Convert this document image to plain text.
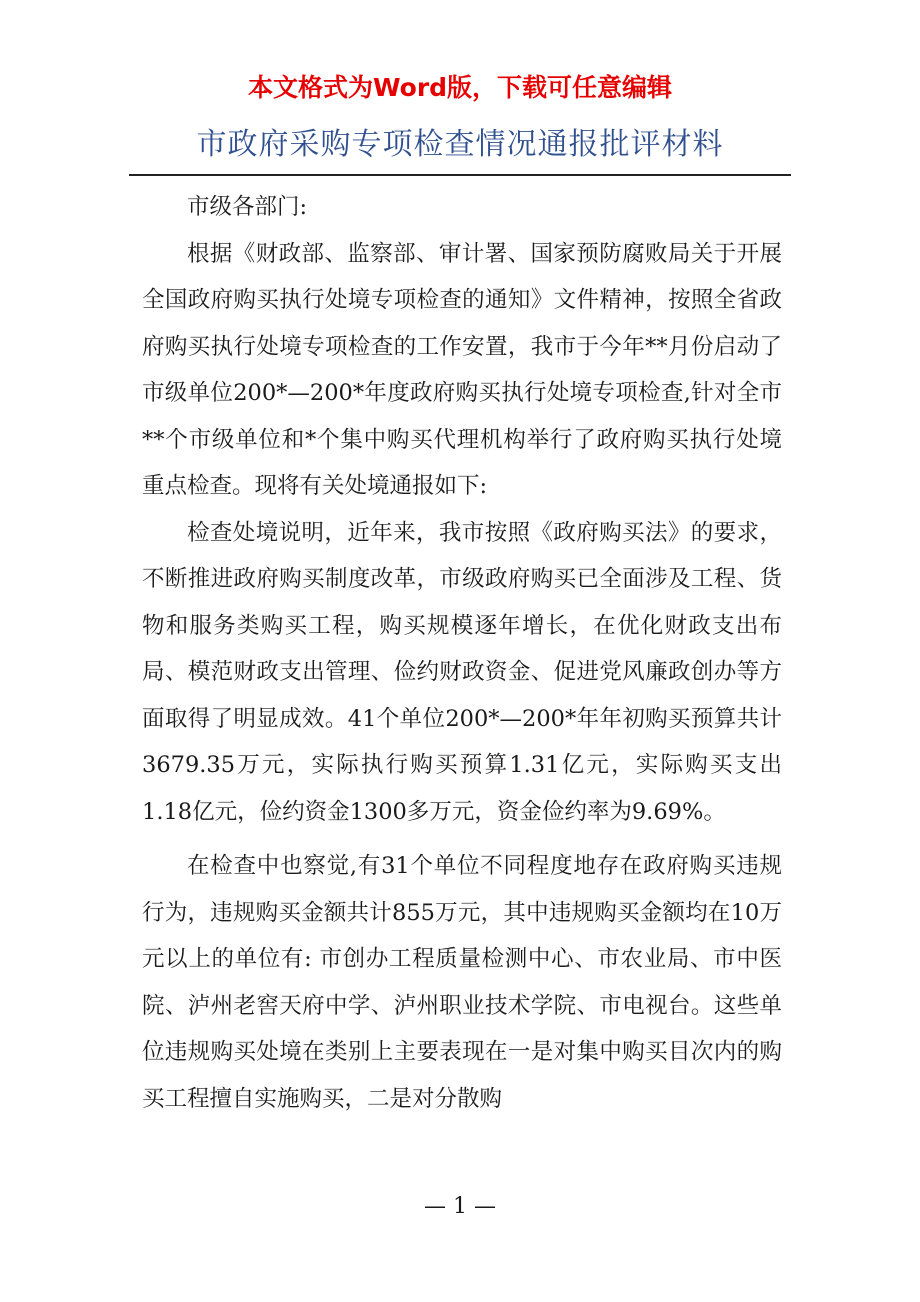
本文格式为Word版，下载可任意编辑
市政府采购专项检查情况通报批评材料

市级各部门:

根据《财政部、监察部、审计署、国家预防腐败局关于开展全国政府购买执行处境专项检查的通知》文件精神，按照全省政府购买执行处境专项检查的工作安置，我市于今年**月份启动了市级单位200*—200*年度政府购买执行处境专项检查,针对全市**个市级单位和*个集中购买代理机构举行了政府购买执行处境重点检查。现将有关处境通报如下:

检查处境说明，近年来，我市按照《政府购买法》的要求，不断推进政府购买制度改革，市级政府购买已全面涉及工程、货物和服务类购买工程，购买规模逐年增长，在优化财政支出布局、模范财政支出管理、俭约财政资金、促进党风廉政创办等方面取得了明显成效。41个单位200*—200*年年初购买预算共计3679.35万元，实际执行购买预算1.31亿元，实际购买支出1.18亿元，俭约资金1300多万元，资金俭约率为9.69%。

在检查中也察觉,有31个单位不同程度地存在政府购买违规行为，违规购买金额共计855万元，其中违规购买金额均在10万元以上的单位有: 市创办工程质量检测中心、市农业局、市中医院、泸州老窖天府中学、泸州职业技术学院、市电视台。这些单位违规购买处境在类别上主要表现在一是对集中购买目次内的购买工程擅自实施购买，二是对分散购

— 1 —
